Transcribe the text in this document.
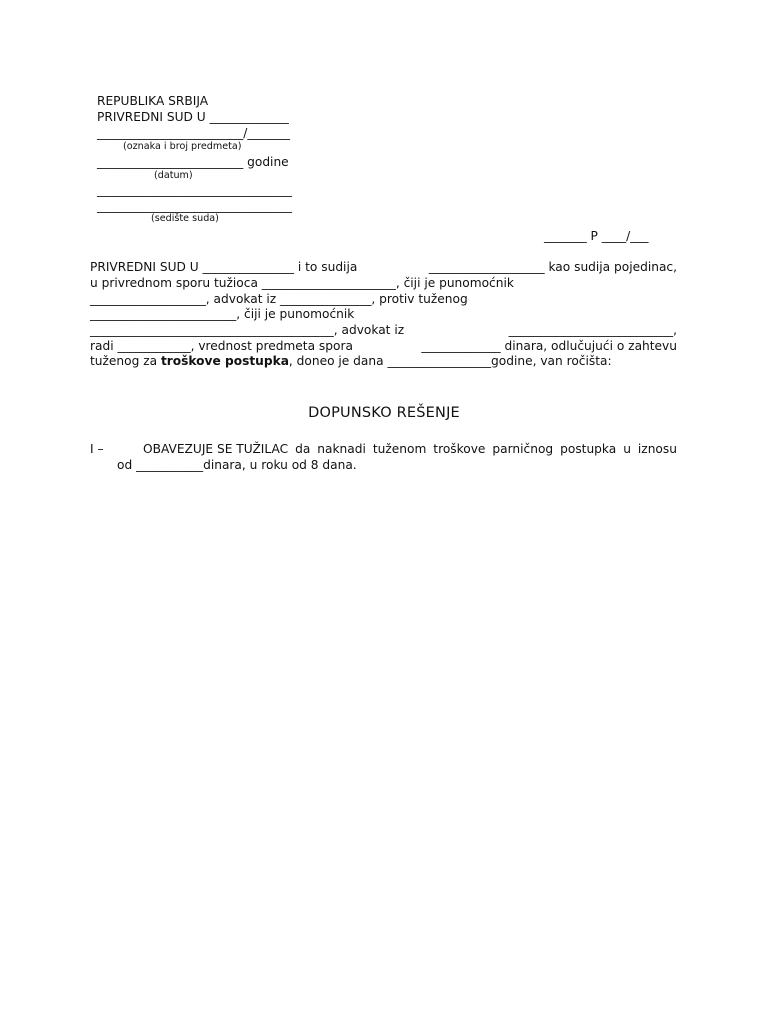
REPUBLIKA SRBIJA
PRIVREDNI SUD U _____________
________________________/_______
(oznaka i broj predmeta)
________________________ godine
(datum)
________________________________
________________________________
(sedište suda)
_______ P ____/___
PRIVREDNI SUD U _______________ i to sudija	___________________ kao sudija pojedinac,
u privrednom sporu tužioca ______________________, čiji je punomoćnik
___________________, advokat iz _______________, protiv tuženog
________________________, čiji je punomoćnik
________________________________________, advokat iz	___________________________,
radi ____________, vrednost predmeta spora	_____________ dinara, odlučujući o zahtevu
tuženog za troškove postupka, doneo je dana _________________godine, van ročišta:
DOPUNSKO REŠENJE
I –	OBAVEZUJE SE TUŽILAC da naknadi tuženom troškove parničnog postupka u iznosu
od ___________dinara, u roku od 8 dana.
